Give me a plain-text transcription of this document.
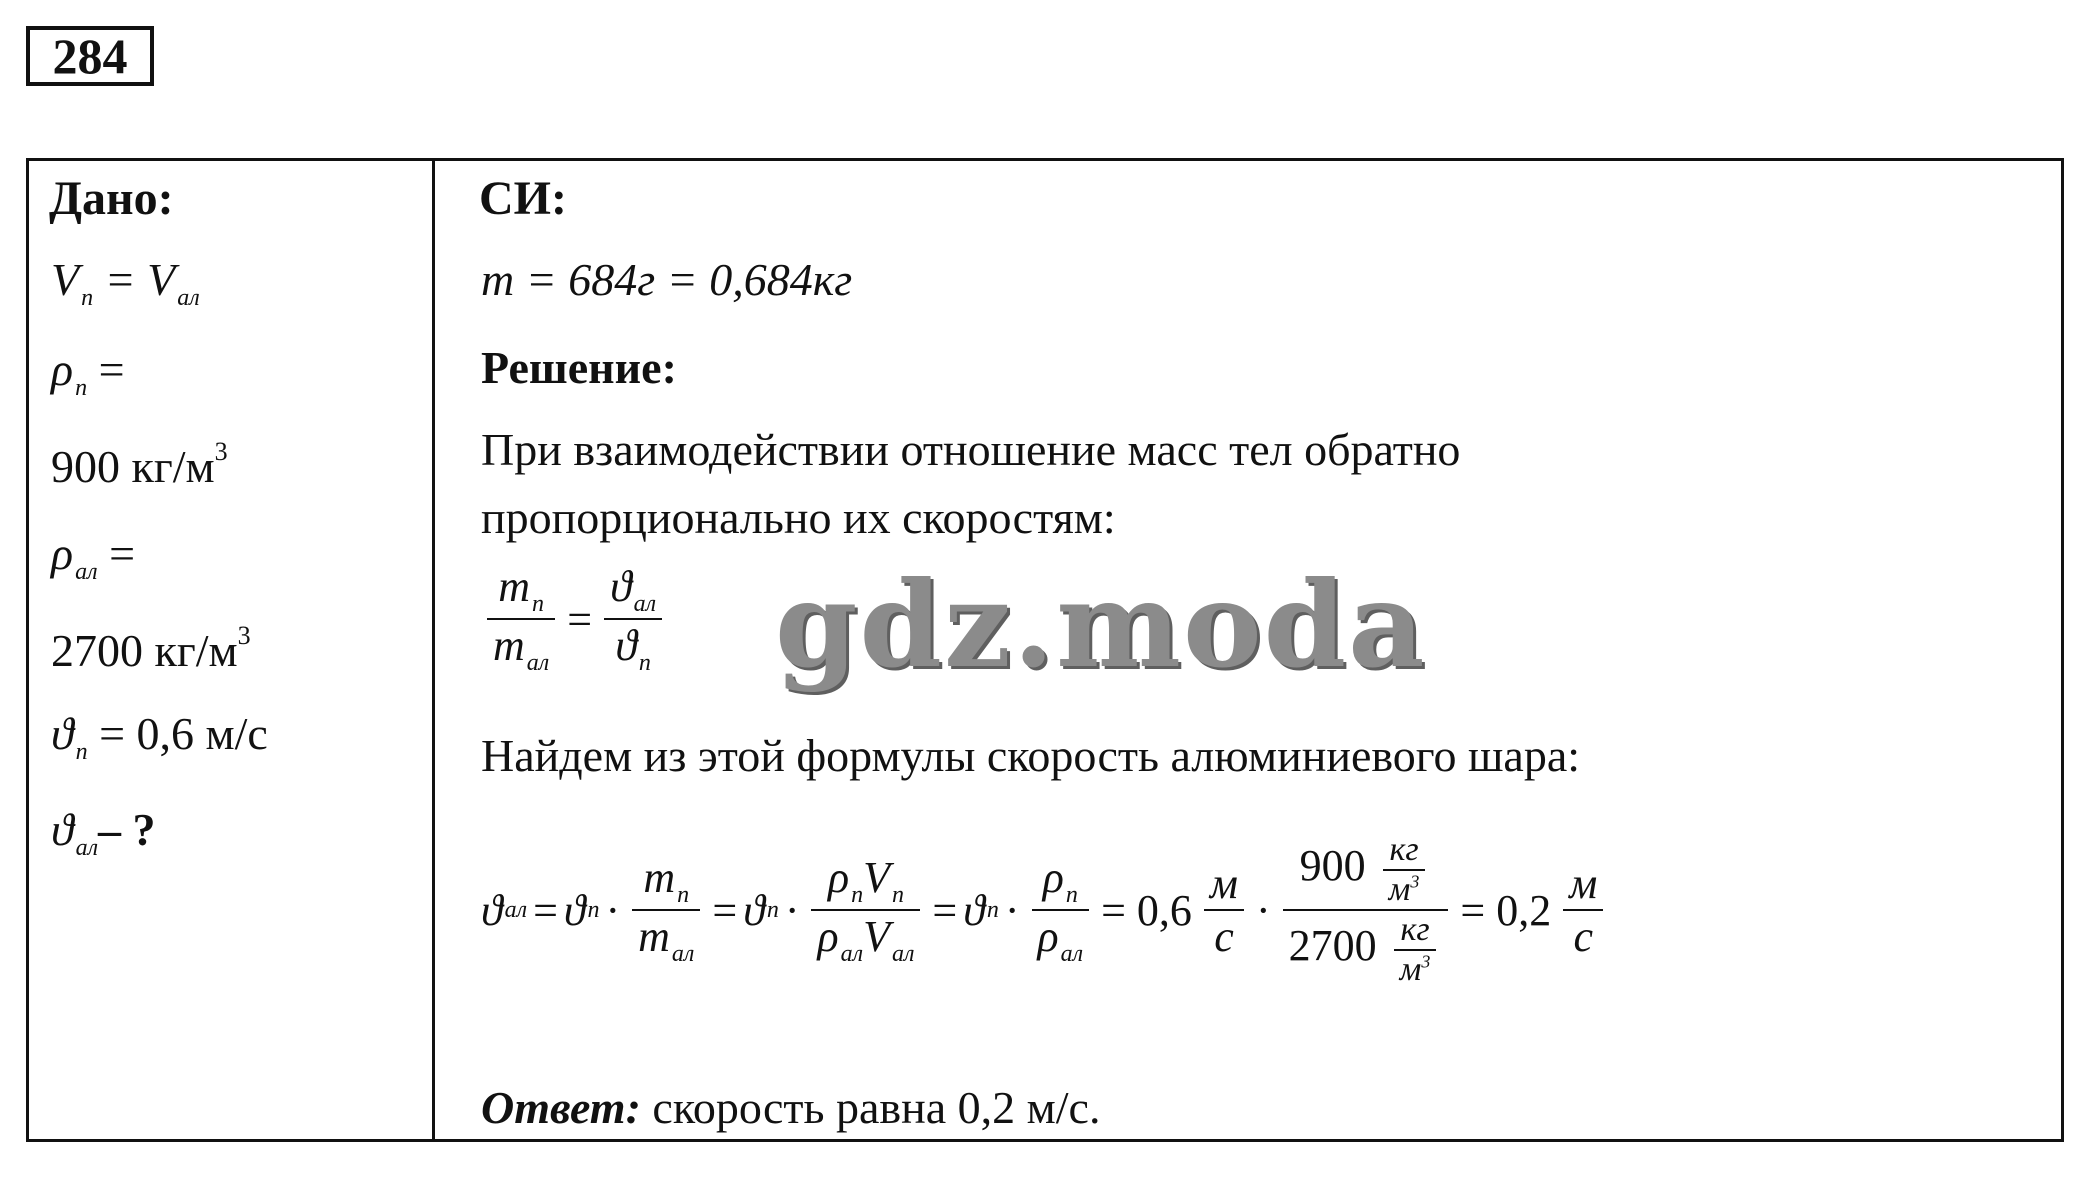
284
Дано:
$V_п = V_{ал}$
$\rho_п$ =
900 $кг/м^3$
$\rho_{ал}$ =
2700 $кг/м^3$
$ϑ_п = 0,6$ м/с
$ϑ_{ал}-$ ?
СИ:
m = 684г = 0,684кг
Решение:
При взаимодействии отношение масс тел обратно
пропорционально их скоростям:
$\frac{m_п}{m_{ал}} = \frac{ϑ_{ал}}{ϑ_п}$
Найдем из этой формулы скорость алюминиевого шара:
ϑ ал = ϑ $п \cdot \frac{m_п}{m_{ал}} = ϑ$ $п \cdot \frac{\rho_пV_п}{\rho_{ал}V_{ал}} = ϑ$ $п \cdot \frac{\rho_п}{\rho_{ал}} = 0,6 \frac{м}{с} \cdot \frac{900 \frac{кг}{м^3}}{2700 \frac{кг}{м^3}} = 0,2 \frac{м}{с}$
Ответ: скорость равна 0,2 м/с.
gdz.moda
